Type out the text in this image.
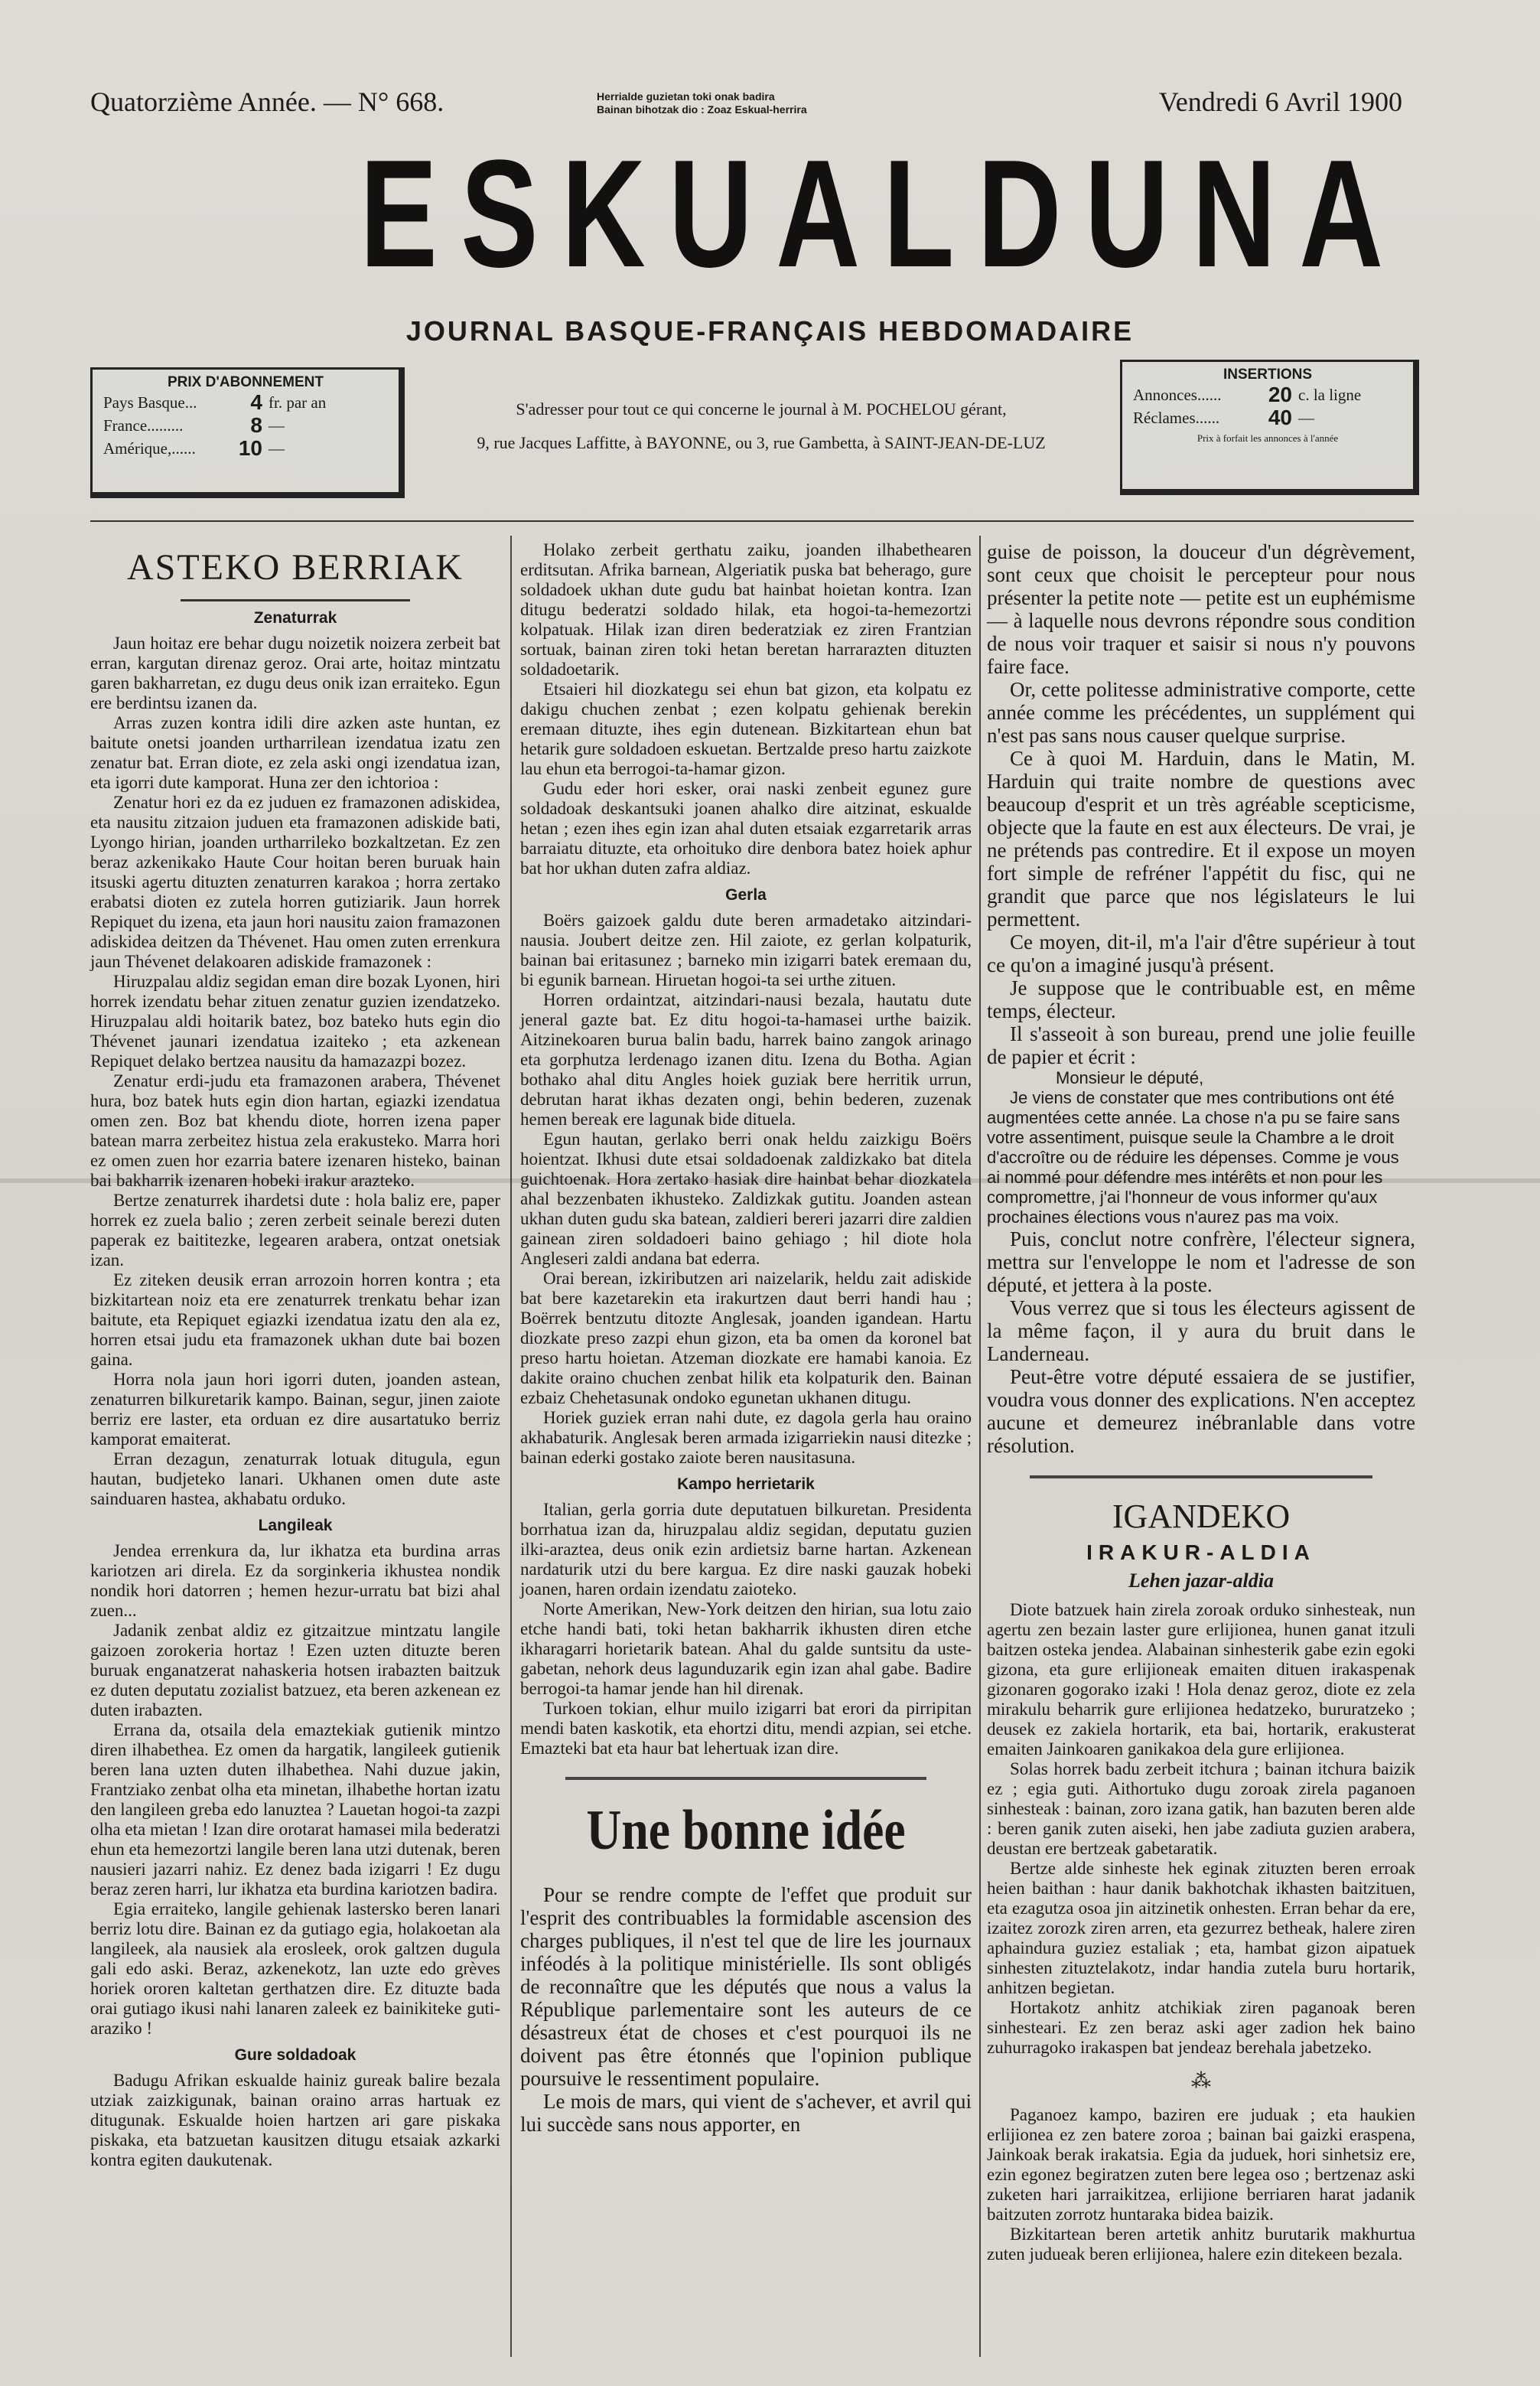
Quatorzième Année. — N° 668.	Herrialde guzietan toki onak badira
Bainan bihotzak dio : Zoaz Eskual-herrira	Vendredi 6 Avril 1900
ESKUALDUNA
JOURNAL BASQUE-FRANÇAIS HEBDOMADAIRE
PRIX D'ABONNEMENT
Pays Basque...	4 fr. par an
France.........	8 —
Amérique,......	10 —
S'adresser pour tout ce qui concerne le journal à M. POCHELOU gérant,
9, rue Jacques Laffitte, à BAYONNE, ou 3, rue Gambetta, à SAINT-JEAN-DE-LUZ
INSERTIONS
Annonces......	20 c. la ligne
Réclames......	40 —
Prix à forfait les annonces à l'année
ASTEKO BERRIAK
Zenaturrak

Jaun hoitaz ere behar dugu noizetik noizera zerbeit bat erran, kargutan direnaz geroz. Orai arte, hoitaz mintzatu garen bakharretan, ez dugu deus onik izan erraiteko. Egun ere berdintsu izanen da.

Arras zuzen kontra idili dire azken aste huntan, ez baitute onetsi joanden urtharrilean izendatua izatu zen zenatur bat. Erran diote, ez zela aski ongi izendatua izan, eta igorri dute kamporat. Huna zer den ichtorioa :

Zenatur hori ez da ez juduen ez framazonen adiskidea, eta nausitu zitzaion juduen eta framazonen adiskide bati, Lyongo hirian, joanden urtharrileko bozkaltzetan. Ez zen beraz azkenikako Haute Cour hoitan beren buruak hain itsuski agertu dituzten zenaturren karakoa ; horra zertako erabatsi dioten ez zutela horren gutiziarik. Jaun horrek Repiquet du izena, eta jaun hori nausitu zaion framazonen adiskidea deitzen da Thévenet. Hau omen zuten errenkura jaun Thévenet delakoaren adiskide framazonek :

Hiruzpalau aldiz segidan eman dire bozak Lyonen, hiri horrek izendatu behar zituen zenatur guzien izendatzeko. Hiruzpalau aldi hoitarik batez, boz bateko huts egin dio Thévenet jaunari izendatua izaiteko ; eta azkenean Repiquet delako bertzea nausitu da hamazazpi bozez.

Zenatur erdi-judu eta framazonen arabera, Thévenet hura, boz batek huts egin dion hartan, egiazki izendatua omen zen. Boz bat khendu diote, horren izena paper batean marra zerbeitez histua zela erakusteko. Marra hori ez omen zuen hor ezarria batere izenaren histeko, bainan bai bakharrik izenaren hobeki irakur arazteko.

Bertze zenaturrek ihardetsi dute : hola baliz ere, paper horrek ez zuela balio ; zeren zerbeit seinale berezi duten paperak ez baititezke, legearen arabera, ontzat onetsiak izan.

Ez ziteken deusik erran arrozoin horren kontra ; eta bizkitartean noiz eta ere zenaturrek trenkatu behar izan baitute, eta Repiquet egiazki izendatua izatu den ala ez, horren etsai judu eta framazonek ukhan dute bai bozen gaina.

Horra nola jaun hori igorri duten, joanden astean, zenaturren bilkuretarik kampo. Bainan, segur, jinen zaiote berriz ere laster, eta orduan ez dire ausartatuko berriz kamporat emaiterat.

Erran dezagun, zenaturrak lotuak ditugula, egun hautan, budjeteko lanari. Ukhanen omen dute aste sainduaren hastea, akhabatu orduko.

Langileak

Jendea errenkura da, lur ikhatza eta burdina arras kariotzen ari direla. Ez da sorginkeria ikhustea nondik nondik hori datorren ; hemen hezur-urratu bat bizi ahal zuen...

Jadanik zenbat aldiz ez gitzaitzue mintzatu langile gaizoen zorokeria hortaz ! Ezen uzten dituzte beren buruak enganatzerat nahaskeria hotsen irabazten baitzuk ez duten deputatu zozialist batzuez, eta beren azkenean ez duten irabazten.

Errana da, otsaila dela emaztekiak gutienik mintzo diren ilhabethea. Ez omen da hargatik, langileek gutienik beren lana uzten duten ilhabethea. Nahi duzue jakin, Frantziako zenbat olha eta minetan, ilhabethe hortan izatu den langileen greba edo lanuztea ? Lauetan hogoi-ta zazpi olha eta mietan ! Izan dire orotarat hamasei mila bederatzi ehun eta hemezortzi langile beren lana utzi dutenak, beren nausieri jazarri nahiz. Ez denez bada izigarri ! Ez dugu beraz zeren harri, lur ikhatza eta burdina kariotzen badira.

Egia erraiteko, langile gehienak lastersko beren lanari berriz lotu dire. Bainan ez da gutiago egia, holakoetan ala langileek, ala nausiek ala erosleek, orok galtzen dugula gali edo aski. Beraz, azkenekotz, lan uzte edo grèves horiek ororen kaltetan gerthatzen dire. Ez dituzte bada orai gutiago ikusi nahi lanaren zaleek ez bainikiteke guti-araziko !

Gure soldadoak

Badugu Afrikan eskualde hainiz gureak balire bezala utziak zaizkigunak, bainan oraino arras hartuak ez ditugunak. Eskualde hoien hartzen ari gare piskaka piskaka, eta batzuetan kausitzen ditugu etsaiak azkarki kontra egiten daukutenak.

Holako zerbeit gerthatu zaiku, joanden ilhabethearen erditsutan. Afrika barnean, Algeriatik puska bat beherago, gure soldadoek ukhan dute gudu bat hainbat hoietan kontra. Izan ditugu bederatzi soldado hilak, eta hogoi-ta-hemezortzi kolpatuak. Hilak izan diren bederatziak ez ziren Frantzian sortuak, bainan ziren toki hetan beretan harrarazten dituzten soldadoetarik.

Etsaieri hil diozkategu sei ehun bat gizon, eta kolpatu ez dakigu chuchen zenbat ; ezen kolpatu gehienak berekin eremaan dituzte, ihes egin dutenean. Bizkitartean ehun bat hetarik gure soldadoen eskuetan. Bertzalde preso hartu zaizkote lau ehun eta berrogoi-ta-hamar gizon.

Gudu eder hori esker, orai naski zenbeit egunez gure soldadoak deskantsuki joanen ahalko dire aitzinat, eskualde hetan ; ezen ihes egin izan ahal duten etsaiak ezgarretarik arras barraiatu dituzte, eta orhoituko dire denbora batez hoiek aphur bat hor ukhan duten zafra aldiaz.

Gerla

Boërs gaizoek galdu dute beren armadetako aitzindari-nausia. Joubert deitze zen. Hil zaiote, ez gerlan kolpaturik, bainan bai eritasunez ; barneko min izigarri batek eremaan du, bi egunik barnean. Hiruetan hogoi-ta sei urthe zituen.

Horren ordaintzat, aitzindari-nausi bezala, hautatu dute jeneral gazte bat. Ez ditu hogoi-ta-hamasei urthe baizik. Aitzinekoaren burua balin badu, harrek baino zangok arinago eta gorphutza lerdenago izanen ditu. Izena du Botha. Agian bothako ahal ditu Angles hoiek guziak bere herritik urrun, debrutan harat ikhas dezaten ongi, behin bederen, zuzenak hemen bereak ere lagunak bide dituela.

Egun hautan, gerlako berri onak heldu zaizkigu Boërs hoientzat. Ikhusi dute etsai soldadoenak zaldizkako bat ditela guichtoenak. Hora zertako hasiak dire hainbat behar diozkatela ahal bezzenbaten ikhusteko. Zaldizkak gutitu. Joanden astean ukhan duten gudu ska batean, zaldieri bereri jazarri dire zaldien gainean ziren soldadoeri baino gehiago ; hil diote hola Angleseri zaldi andana bat ederra.

Orai berean, izkiributzen ari naizelarik, heldu zait adiskide bat bere kazetarekin eta irakurtzen daut berri handi hau ; Boërrek bentzutu ditozte Anglesak, joanden igandean. Hartu diozkate preso zazpi ehun gizon, eta ba omen da koronel bat preso hartu hoietan. Atzeman diozkate ere hamabi kanoia. Ez dakite oraino chuchen zenbat hilik eta kolpaturik den. Bainan ezbaiz Chehetasunak ondoko egunetan ukhanen ditugu.

Horiek guziek erran nahi dute, ez dagola gerla hau oraino akhabaturik. Anglesak beren armada izigarriekin nausi ditezke ; bainan ederki gostako zaiote beren nausitasuna.

Kampo herrietarik

Italian, gerla gorria dute deputatuen bilkuretan. Presidenta borrhatua izan da, hiruzpalau aldiz segidan, deputatu guzien ilki-araztea, deus onik ezin ardietsiz barne hartan. Azkenean nardaturik utzi du bere kargua. Ez dire naski gauzak hobeki joanen, haren ordain izendatu zaioteko.

Norte Amerikan, New-York deitzen den hirian, sua lotu zaio etche handi bati, toki hetan bakharrik ikhusten diren etche ikharagarri horietarik batean. Ahal du galde suntsitu da uste-gabetan, nehork deus lagunduzarik egin izan ahal gabe. Badire berrogoi-ta hamar jende han hil direnak.

Turkoen tokian, elhur muilo izigarri bat erori da pirripitan mendi baten kaskotik, eta ehortzi ditu, mendi azpian, sei etche. Emazteki bat eta haur bat lehertuak izan dire.

Une bonne idée

Pour se rendre compte de l'effet que produit sur l'esprit des contribuables la formidable ascension des charges publiques, il n'est tel que de lire les journaux inféodés à la politique ministérielle. Ils sont obligés de reconnaître que les députés que nous a valus la République parlementaire sont les auteurs de ce désastreux état de choses et c'est pourquoi ils ne doivent pas être étonnés que l'opinion publique poursuive le ressentiment populaire.

Le mois de mars, qui vient de s'achever, et avril qui lui succède sans nous apporter, en

guise de poisson, la douceur d'un dégrèvement, sont ceux que choisit le percepteur pour nous présenter la petite note — petite est un euphémisme — à laquelle nous devrons répondre sous condition de nous voir traquer et saisir si nous n'y pouvons faire face.

Or, cette politesse administrative comporte, cette année comme les précédentes, un supplément qui n'est pas sans nous causer quelque surprise.

Ce à quoi M. Harduin, dans le Matin, M. Harduin qui traite nombre de questions avec beaucoup d'esprit et un très agréable scepticisme, objecte que la faute en est aux électeurs. De vrai, je ne prétends pas contredire. Et il expose un moyen fort simple de refréner l'appétit du fisc, qui ne grandit que parce que nos législateurs le lui permettent.

Ce moyen, dit-il, m'a l'air d'être supérieur à tout ce qu'on a imaginé jusqu'à présent.

Je suppose que le contribuable est, en même temps, électeur.

Il s'asseoit à son bureau, prend une jolie feuille de papier et écrit :

Monsieur le député,

Je viens de constater que mes contributions ont été augmentées cette année. La chose n'a pu se faire sans votre assentiment, puisque seule la Chambre a le droit d'accroître ou de réduire les dépenses. Comme je vous ai nommé pour défendre mes intérêts et non pour les compromettre, j'ai l'honneur de vous informer qu'aux prochaines élections vous n'aurez pas ma voix.

Puis, conclut notre confrère, l'électeur signera, mettra sur l'enveloppe le nom et l'adresse de son député, et jettera à la poste.

Vous verrez que si tous les électeurs agissent de la même façon, il y aura du bruit dans le Landerneau.

Peut-être votre député essaiera de se justifier, voudra vous donner des explications. N'en acceptez aucune et demeurez inébranlable dans votre résolution.

IGANDEKO
IRAKUR-ALDIA
Lehen jazar-aldia

Diote batzuek hain zirela zoroak orduko sinhesteak, nun agertu zen bezain laster gure erlijionea, hunen ganat itzuli baitzen osteka jendea. Alabainan sinhesterik gabe ezin egoki gizona, eta gure erlijioneak emaiten dituen irakaspenak gizonaren gogorako izaki ! Hola denaz geroz, diote ez zela mirakulu beharrik gure erlijionea hedatzeko, bururatzeko ; deusek ez zakiela hortarik, eta bai, hortarik, erakusterat emaiten Jainkoaren ganikakoa dela gure erlijionea.

Solas horrek badu zerbeit itchura ; bainan itchura baizik ez ; egia guti. Aithortuko dugu zoroak zirela paganoen sinhesteak : bainan, zoro izana gatik, han bazuten beren alde : beren ganik zuten aiseki, hen jabe zadiuta guzien arabera, deustan ere bertzeak gabetaratik.

Bertze alde sinheste hek eginak zituzten beren erroak heien baithan : haur danik bakhotchak ikhasten baitzituen, eta ezagutza osoa jin aitzinetik onhesten. Erran behar da ere, izaitez zorozk ziren arren, eta gezurrez betheak, halere ziren aphaindura guziez estaliak ; eta, hambat gizon aipatuek sinhesten zituztelakotz, indar handia zutela buru hortarik, anhitzen begietan.

Hortakotz anhitz atchikiak ziren paganoak beren sinhesteari. Ez zen beraz aski ager zadion hek baino zuhurragoko irakaspen bat jendeaz berehala jabetzeko.

⁂

Paganoez kampo, baziren ere juduak ; eta haukien erlijionea ez zen batere zoroa ; bainan bai gaizki eraspena, Jainkoak berak irakatsia. Egia da juduek, hori sinhetsiz ere, ezin egonez begiratzen zuten bere legea oso ; bertzenaz aski zuketen hari jarraikitzea, erlijione berriaren harat jadanik baitzuten zorrotz huntaraka bidea baizik.

Bizkitartean beren artetik anhitz burutarik makhurtua zuten judueak beren erlijionea, halere ezin ditekeen bezala.
